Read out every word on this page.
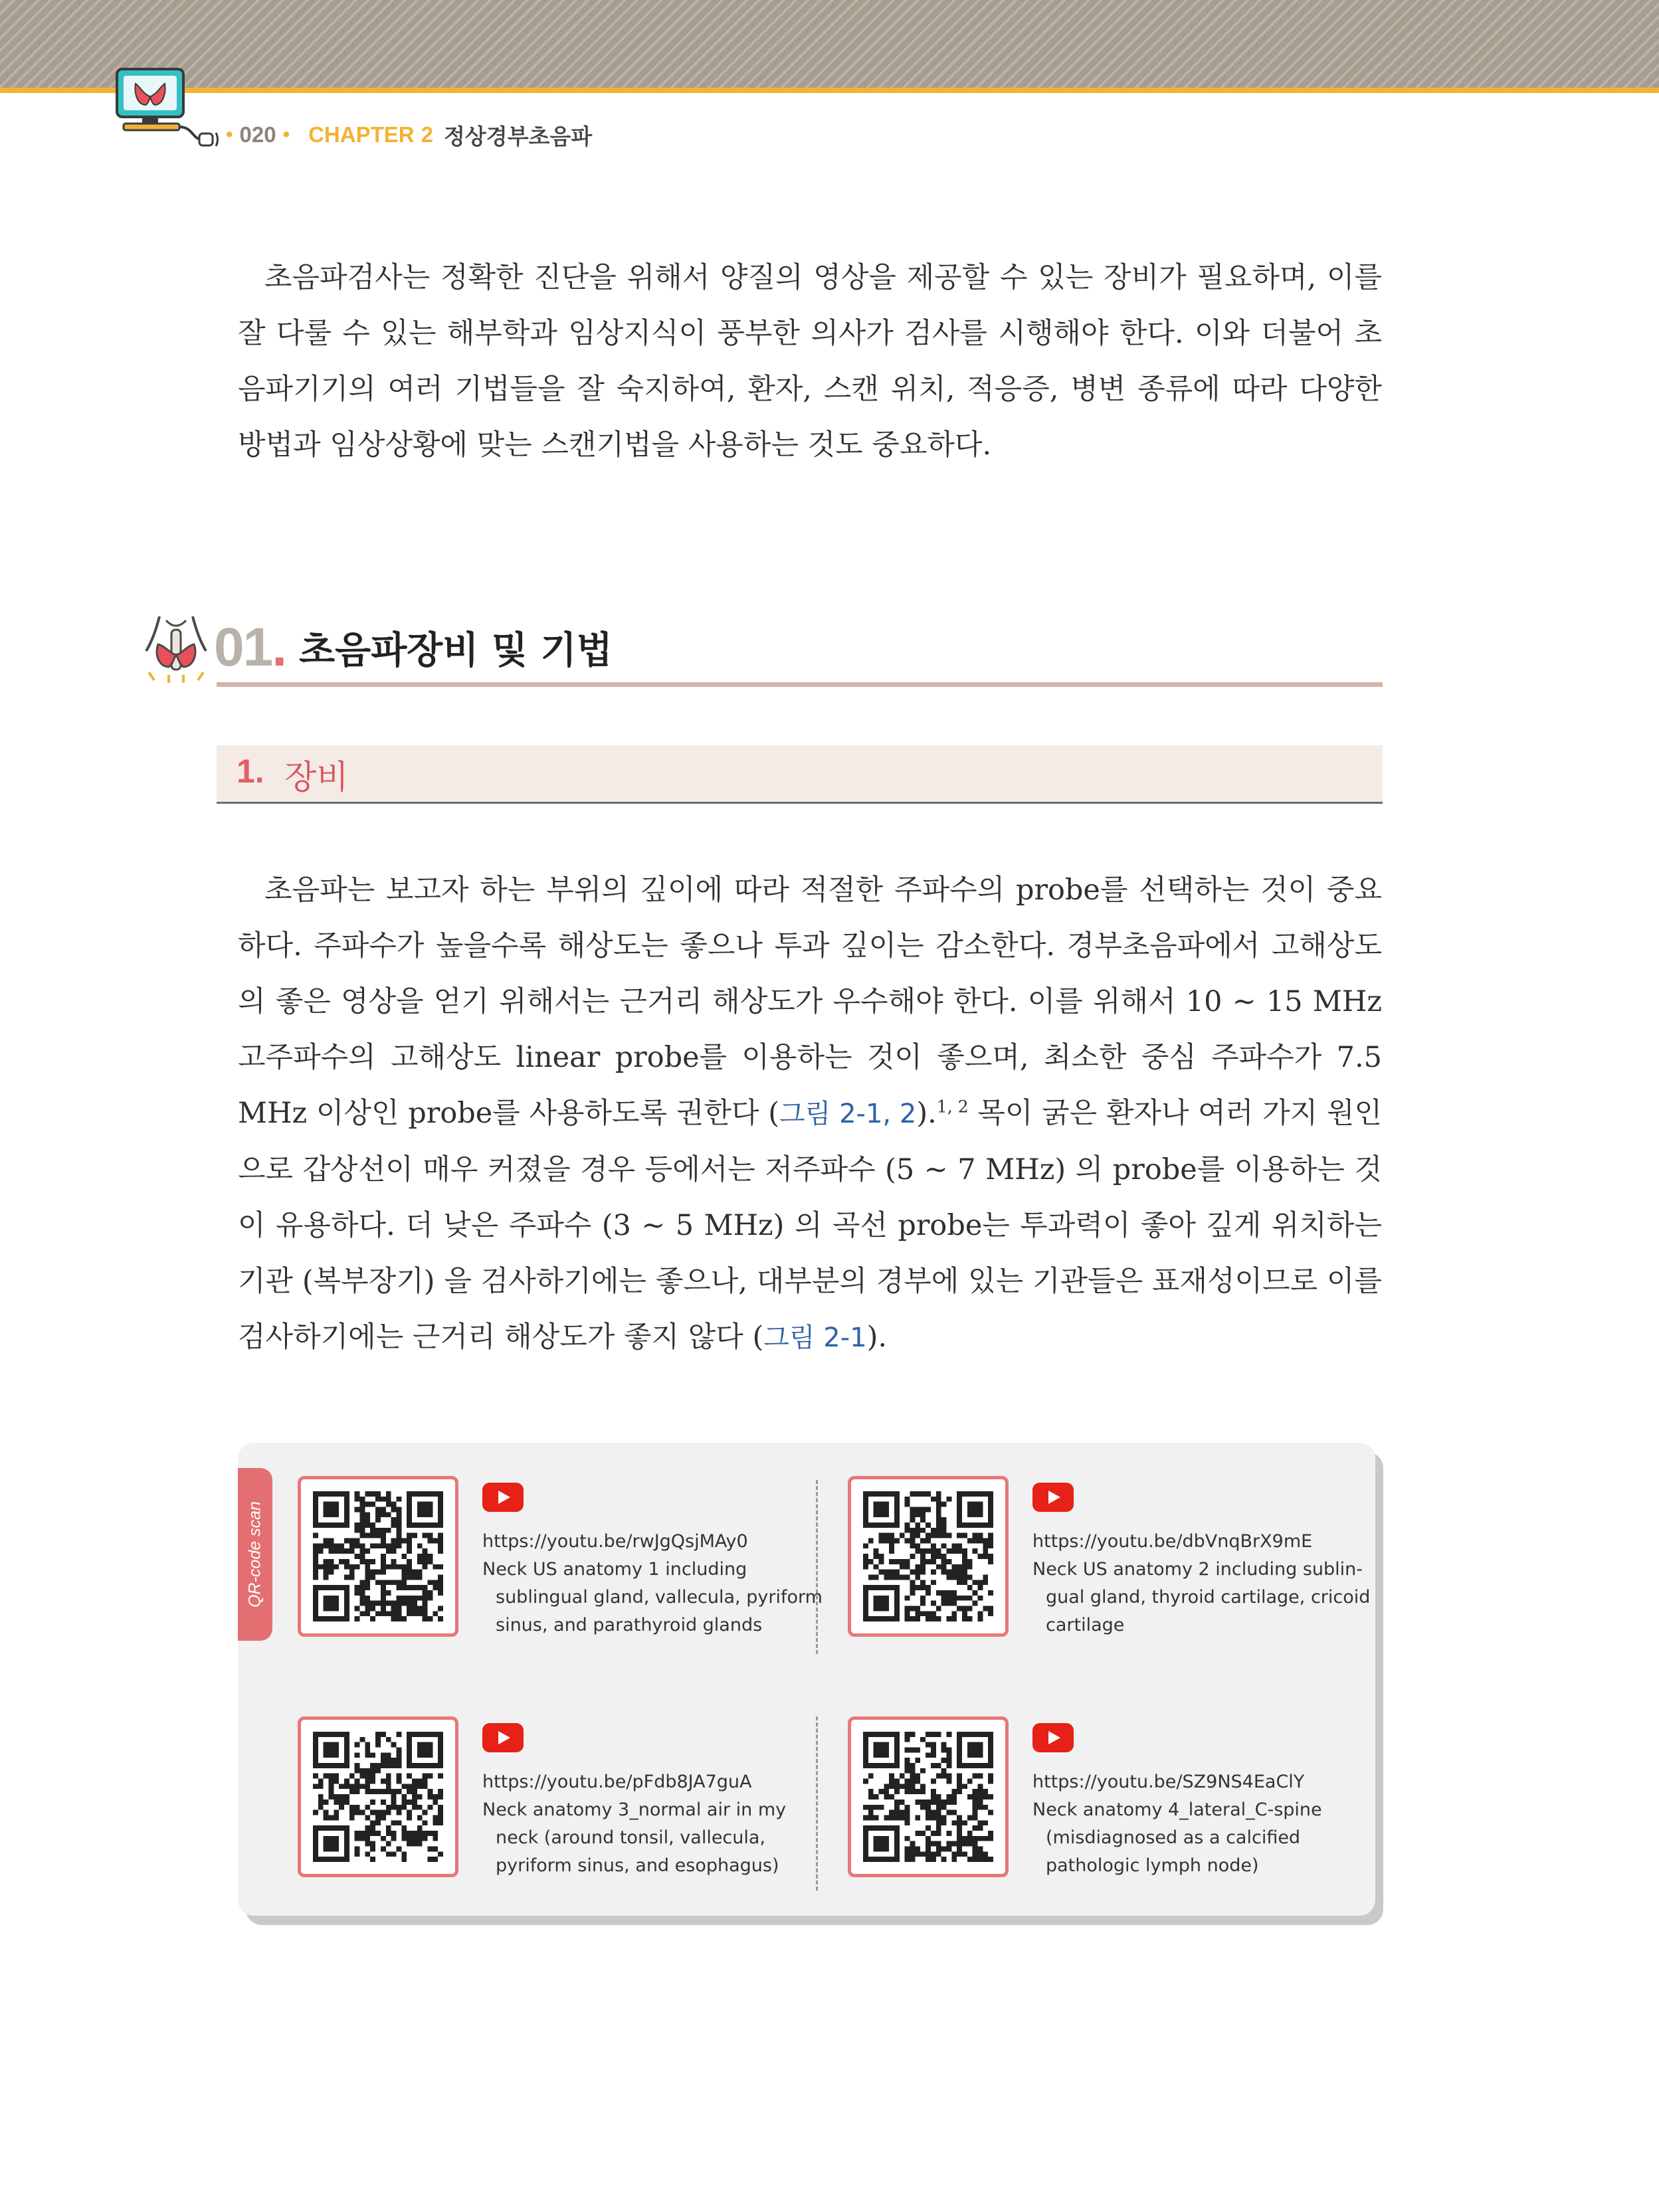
• 020 • CHAPTER 2 정상경부초음파

초음파검사는 정확한 진단을 위해서 양질의 영상을 제공할 수 있는 장비가 필요하며, 이를 잘 다룰 수 있는 해부학과 임상지식이 풍부한 의사가 검사를 시행해야 한다. 이와 더불어 초음파기기의 여러 기법들을 잘 숙지하여, 환자, 스캔 위치, 적응증, 병변 종류에 따라 다양한 방법과 임상상황에 맞는 스캔기법을 사용하는 것도 중요하다.

01 . 초음파장비 및 기법
1. 장비

초음파는 보고자 하는 부위의 깊이에 따라 적절한 주파수의 probe를 선택하는 것이 중요하다. 주파수가 높을수록 해상도는 좋으나 투과 깊이는 감소한다. 경부초음파에서 고해상도의 좋은 영상을 얻기 위해서는 근거리 해상도가 우수해야 한다. 이를 위해서 10 ~ 15 MHz 고주파수의 고해상도 linear probe를 이용하는 것이 좋으며, 최소한 중심 주파수가 7.5 MHz 이상인 probe를 사용하도록 권한다 (그림 2-1, 2).$^{1, 2}$ 목이 굵은 환자나 여러 가지 원인으로 갑상선이 매우 커졌을 경우 등에서는 저주파수 (5 ~ 7 MHz) 의 probe를 이용하는 것이 유용하다. 더 낮은 주파수 (3 ~ 5 MHz) 의 곡선 probe는 투과력이 좋아 깊게 위치하는 기관 (복부장기) 을 검사하기에는 좋으나, 대부분의 경부에 있는 기관들은 표재성이므로 이를 검사하기에는 근거리 해상도가 좋지 않다 (그림 2-1).

QR-code scan	https://youtu.be/rwJgQsjMAy0
Neck US anatomy 1 including
sublingual gland, vallecula, pyriform
sinus, and parathyroid glands
https://youtu.be/dbVnqBrX9mE
Neck US anatomy 2 including sublin-
gual gland, thyroid cartilage, cricoid
cartilage
https://youtu.be/pFdb8JA7guA
Neck anatomy 3_normal air in my
neck (around tonsil, vallecula,
pyriform sinus, and esophagus)
https://youtu.be/SZ9NS4EaClY
Neck anatomy 4_lateral_C-spine
(misdiagnosed as a calcified
pathologic lymph node)
